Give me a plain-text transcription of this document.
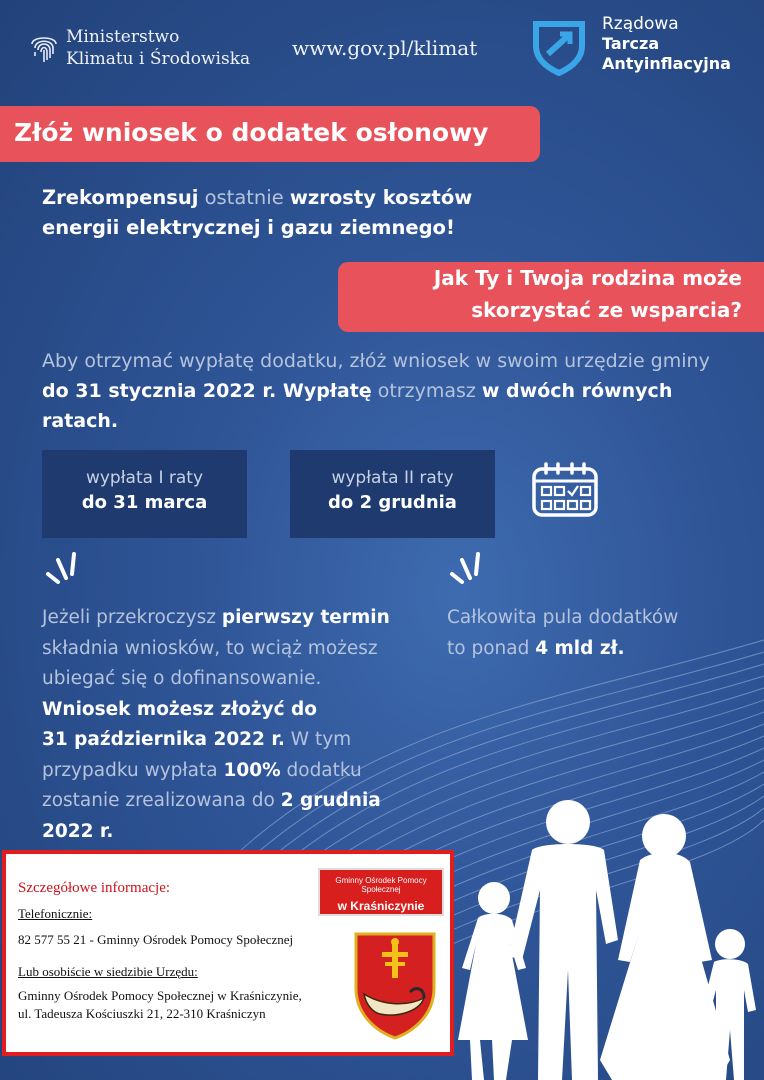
Ministerstwo
Klimatu i Środowiska www.gov.pl/klimat
Rządowa
Tarcza
Antyinflacyjna
Złóż wniosek o dodatek osłonowy
Zrekompensuj ostatnie wzrosty kosztów
energii elektrycznej i gazu ziemnego!
Jak Ty i Twoja rodzina może
skorzystać ze wsparcia?
Aby otrzymać wypłatę dodatku, złóż wniosek w swoim urzędzie gminy
do 31 stycznia 2022 r. Wypłatę otrzymasz w dwóch równych
ratach.
wypłata I raty
do 31 marca
wypłata II raty
do 2 grudnia
Jeżeli przekroczysz pierwszy termin
składnia wniosków, to wciąż możesz
ubiegać się o dofinansowanie.
Wniosek możesz złożyć do
31 października 2022 r. W tym
przypadku wypłata 100% dodatku
zostanie zrealizowana do 2 grudnia
2022 r.
Całkowita pula dodatków
to ponad 4 mld zł.
Szczegółowe informacje:
Telefonicznie:
82 577 55 21 - Gminny Ośrodek Pomocy Społecznej
Lub osobiście w siedzibie Urzędu:
Gminny Ośrodek Pomocy Społecznej w Kraśniczynie,
ul. Tadeusza Kościuszki 21, 22-310 Kraśniczyn
Gminny Ośrodek Pomocy Społecznej
w Kraśniczynie
